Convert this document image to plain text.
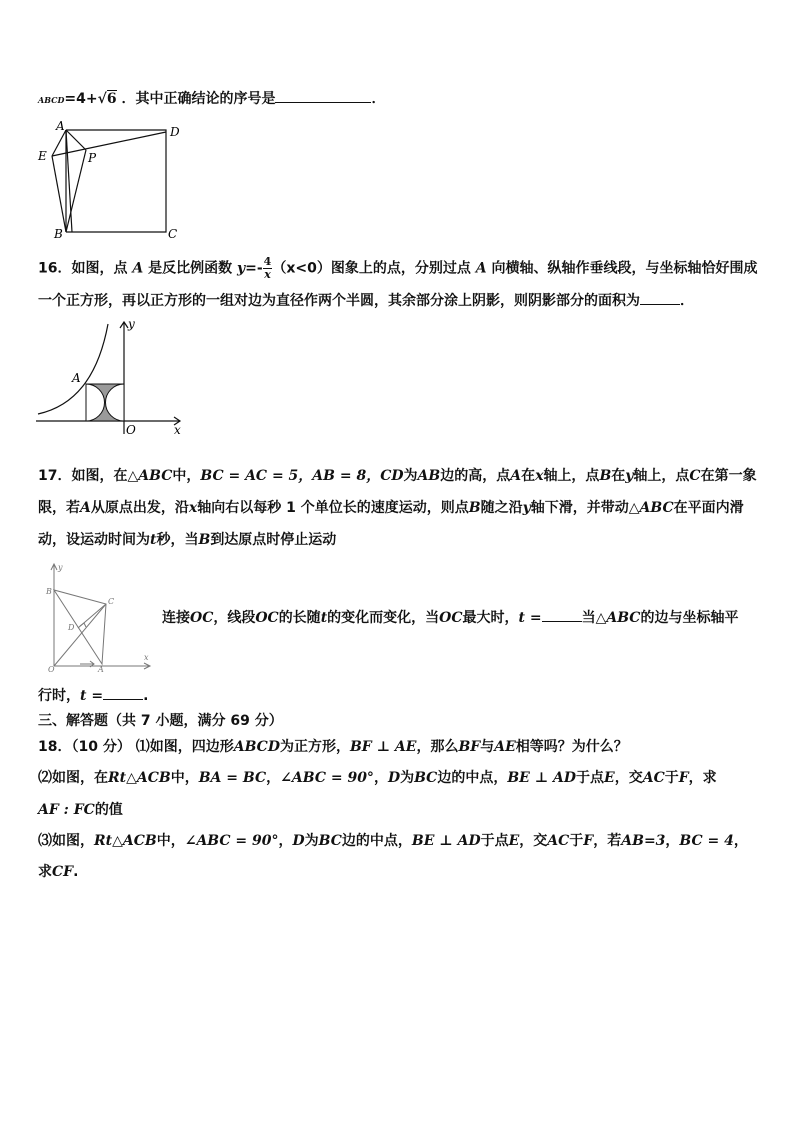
ABCD=4+√6 ．其中正确结论的序号是	．
A	D
E	P
B	C
16．如图，点 A 是反比例函数 $y=- \frac{4}{x} (x<0)$图象上的点，分别过点 A 向横轴、纵轴作垂线段，与坐标轴恰好围成
一个正方形，再以正方形的一组对边为直径作两个半圆，其余部分涂上阴影，则阴影部分的面积为	．
y
A
O	x
17．如图，在△ABC中，BC = AC = 5，AB = 8，CD为AB边的高，点A在x轴上，点B在y轴上，点C在第一象
限，若A从原点出发，沿x轴向右以每秒 1 个单位长的速度运动，则点B随之沿y轴下滑，并带动△ABC在平面内滑
动，设运动时间为t秒，当B到达原点时停止运动
y
B
C
D
O	A
x
连接OC，线段OC的长随t的变化而变化，当OC最大时，t =	当△ABC的边与坐标轴平
行时，t =	.
三、解答题（共 7 小题，满分 69 分）
18．（10 分） ⑴如图，四边形ABCD为正方形，BF ⊥ AE，那么BF与AE相等吗？为什么？
⑵如图，在Rt△ACB中，BA = BC，∠ABC = 90°，D为BC边的中点，BE ⊥ AD于点E，交AC于F，求
AF : FC的值
⑶如图，Rt△ACB中，∠ABC = 90°，D为BC边的中点，BE ⊥ AD于点E，交AC于F，若AB=3，BC = 4，
求CF.
